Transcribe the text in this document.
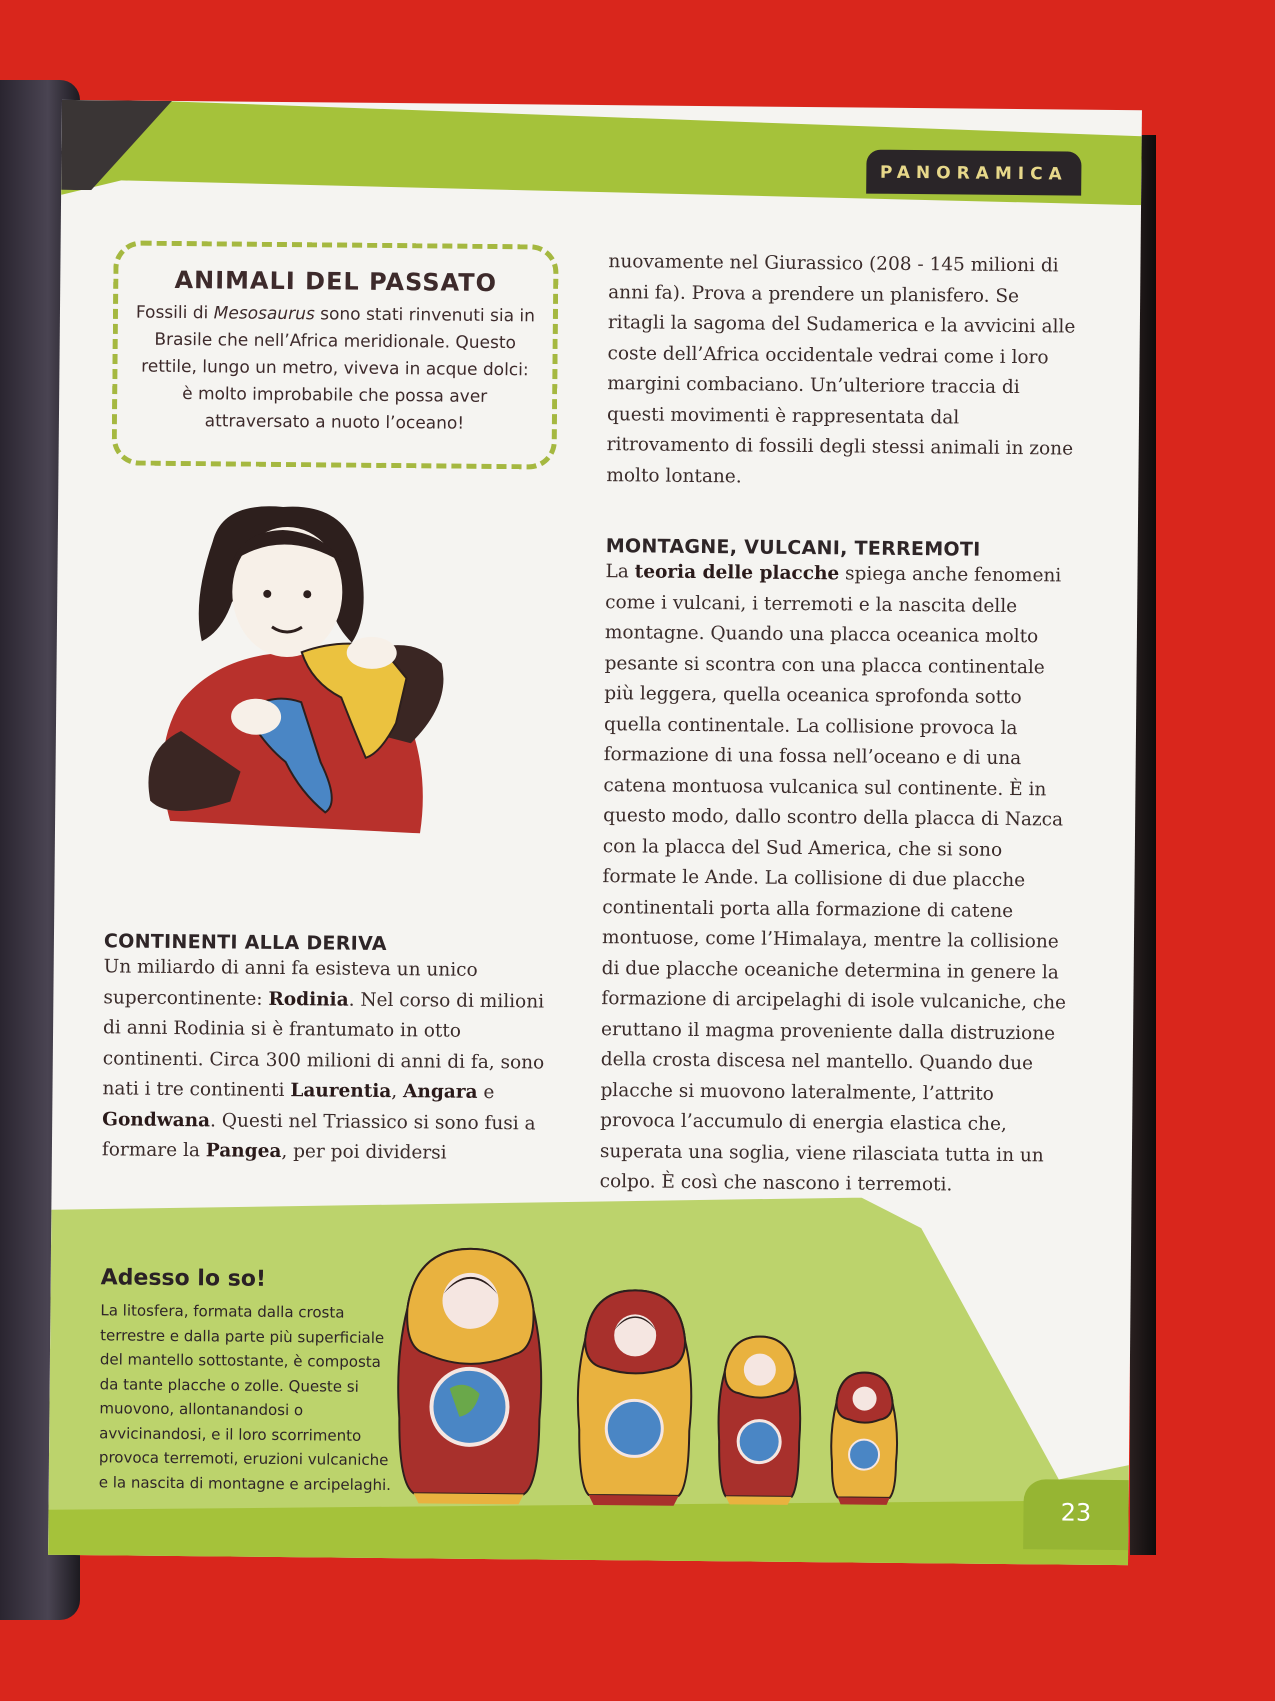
PANORAMICA
ANIMALI DEL PASSATO

Fossili di Mesosaurus sono stati rinvenuti sia in Brasile che nell’Africa meridionale. Questo rettile, lungo un metro, viveva in acque dolci: è molto improbabile che possa aver attraversato a nuoto l’oceano!

nuovamente nel Giurassico (208 - 145 milioni di anni fa). Prova a prendere un planisfero. Se ritagli la sagoma del Sudamerica e la avvicini alle coste dell’Africa occidentale vedrai come i loro margini combaciano. Un’ulteriore traccia di questi movimenti è rappresentata dal ritrovamento di fossili degli stessi animali in zone molto lontane.

MONTAGNE, VULCANI, TERREMOTI

La teoria delle placche spiega anche fenomeni come i vulcani, i terremoti e la nascita delle montagne. Quando una placca oceanica molto pesante si scontra con una placca continentale più leggera, quella oceanica sprofonda sotto quella continentale. La collisione provoca la formazione di una fossa nell’oceano e di una catena montuosa vulcanica sul continente. È in questo modo, dallo scontro della placca di Nazca con la placca del Sud America, che si sono formate le Ande. La collisione di due placche continentali porta alla formazione di catene montuose, come l’Himalaya, mentre la collisione di due placche oceaniche determina in genere la formazione di arcipelaghi di isole vulcaniche, che eruttano il magma proveniente dalla distruzione della crosta discesa nel mantello. Quando due placche si muovono lateralmente, l’attrito provoca l’accumulo di energia elastica che, superata una soglia, viene rilasciata tutta in un colpo. È così che nascono i terremoti.

CONTINENTI ALLA DERIVA

Un miliardo di anni fa esisteva un unico supercontinente: Rodinia. Nel corso di milioni di anni Rodinia si è frantumato in otto continenti. Circa 300 milioni di anni di fa, sono nati i tre continenti Laurentia, Angara e Gondwana. Questi nel Triassico si sono fusi a formare la Pangea, per poi dividersi

Adesso lo so!

La litosfera, formata dalla crosta terrestre e dalla parte più superficiale del mantello sottostante, è composta da tante placche o zolle. Queste si muovono, allontanandosi o avvicinandosi, e il loro scorrimento provoca terremoti, eruzioni vulcaniche e la nascita di montagne e arcipelaghi.

23
